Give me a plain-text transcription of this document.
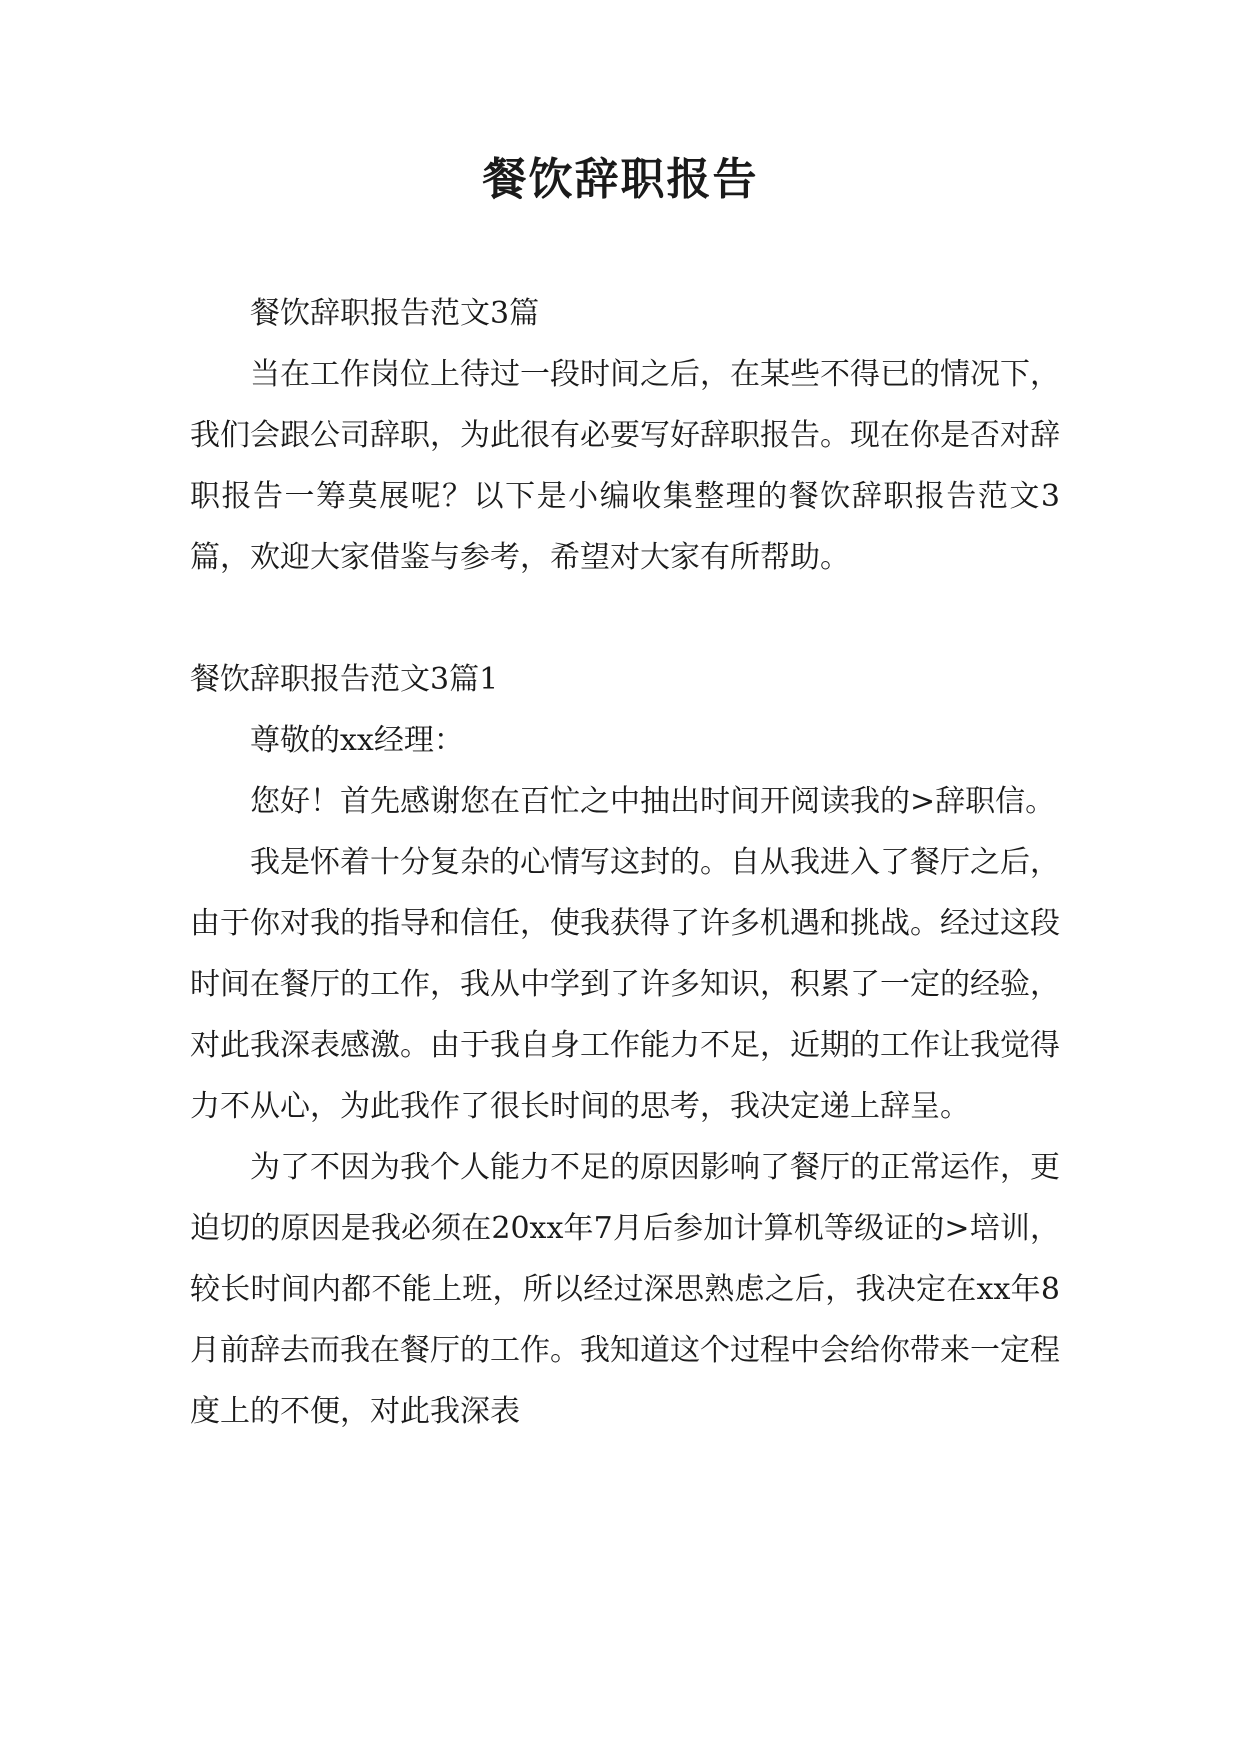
餐饮辞职报告

餐饮辞职报告范文3篇

当在工作岗位上待过一段时间之后，在某些不得已的情况下，我们会跟公司辞职，为此很有必要写好辞职报告。现在你是否对辞职报告一筹莫展呢？以下是小编收集整理的餐饮辞职报告范文3篇，欢迎大家借鉴与参考，希望对大家有所帮助。

餐饮辞职报告范文3篇1

尊敬的xx经理：

您好！首先感谢您在百忙之中抽出时间开阅读我的>辞职信。

我是怀着十分复杂的心情写这封的。自从我进入了餐厅之后，由于你对我的指导和信任，使我获得了许多机遇和挑战。经过这段时间在餐厅的工作，我从中学到了许多知识，积累了一定的经验，对此我深表感激。由于我自身工作能力不足，近期的工作让我觉得力不从心，为此我作了很长时间的思考，我决定递上辞呈。

为了不因为我个人能力不足的原因影响了餐厅的正常运作，更迫切的原因是我必须在20xx年7月后参加计算机等级证的>培训，较长时间内都不能上班，所以经过深思熟虑之后，我决定在xx年8月前辞去而我在餐厅的工作。我知道这个过程中会给你带来一定程度上的不便，对此我深表
